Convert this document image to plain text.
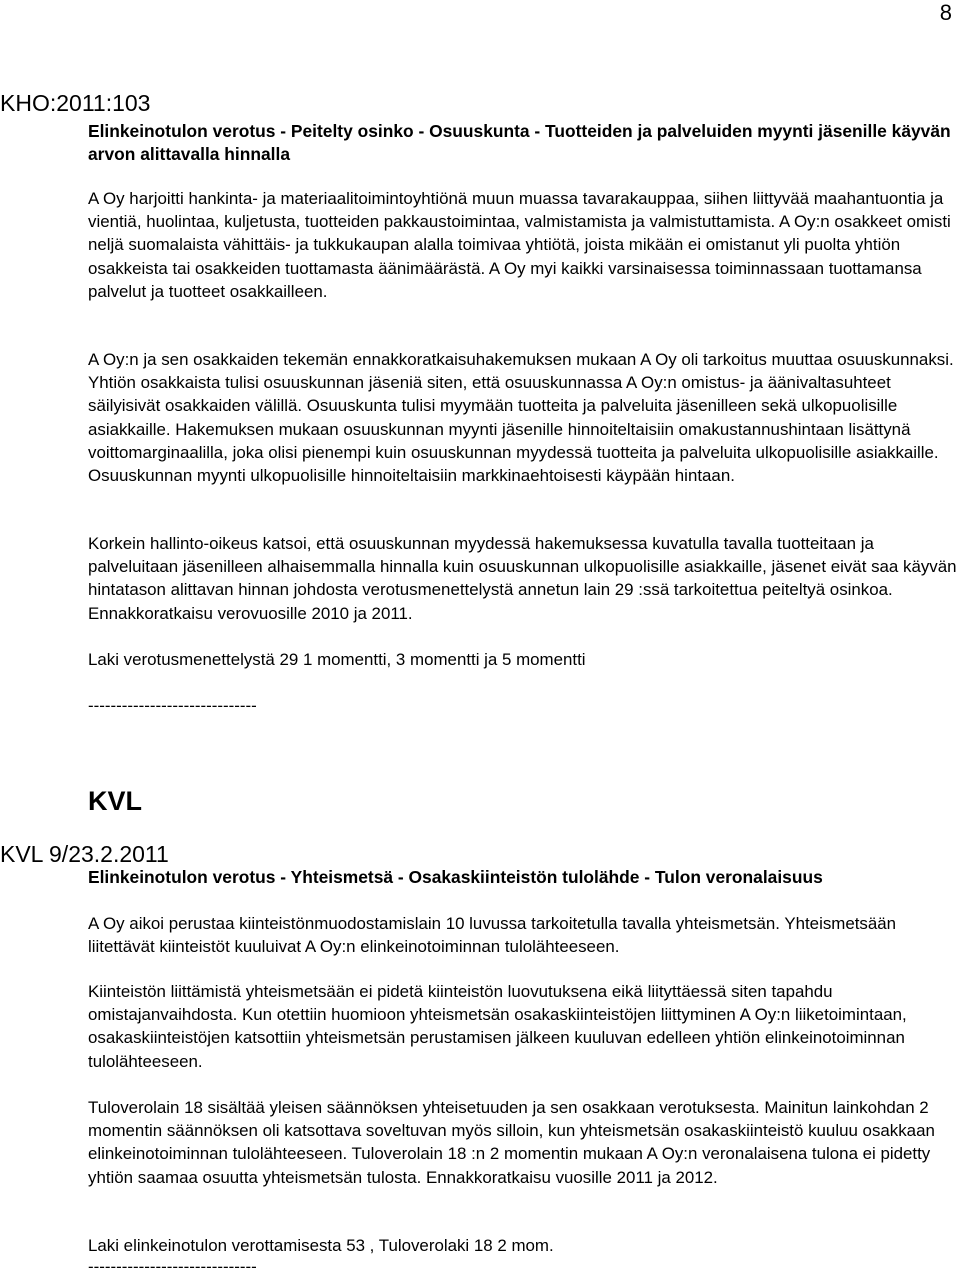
8
KHO:2011:103
Elinkeinotulon verotus - Peitelty osinko - Osuuskunta - Tuotteiden ja palveluiden myynti jäsenille käyvän arvon alittavalla hinnalla

A Oy harjoitti hankinta- ja materiaalitoimintoyhtiönä muun muassa tavarakauppaa, siihen liittyvää maahantuontia ja vientiä, huolintaa, kuljetusta, tuotteiden pakkaustoimintaa, valmistamista ja valmistuttamista. A Oy:n osakkeet omisti neljä suomalaista vähittäis- ja tukkukaupan alalla toimivaa yhtiötä, joista mikään ei omistanut yli puolta yhtiön osakkeista tai osakkeiden tuottamasta äänimäärästä. A Oy myi kaikki varsinaisessa toiminnassaan tuottamansa palvelut ja tuotteet osakkailleen.

A Oy:n ja sen osakkaiden tekemän ennakkoratkaisuhakemuksen mukaan A Oy oli tarkoitus muuttaa osuuskunnaksi. Yhtiön osakkaista tulisi osuuskunnan jäseniä siten, että osuuskunnassa A Oy:n omistus- ja äänivaltasuhteet säilyisivät osakkaiden välillä. Osuuskunta tulisi myymään tuotteita ja palveluita jäsenilleen sekä ulkopuolisille asiakkaille. Hakemuksen mukaan osuuskunnan myynti jäsenille hinnoiteltaisiin omakustannushintaan lisättynä voittomarginaalilla, joka olisi pienempi kuin osuuskunnan myydessä tuotteita ja palveluita ulkopuolisille asiakkaille. Osuuskunnan myynti ulkopuolisille hinnoiteltaisiin markkinaehtoisesti käypään hintaan.

Korkein hallinto-oikeus katsoi, että osuuskunnan myydessä hakemuksessa kuvatulla tavalla tuotteitaan ja palveluitaan jäsenilleen alhaisemmalla hinnalla kuin osuuskunnan ulkopuolisille asiakkaille, jäsenet eivät saa käyvän hintatason alittavan hinnan johdosta verotusmenettelystä annetun lain 29 :ssä tarkoitettua peiteltyä osinkoa. Ennakkoratkaisu verovuosille 2010 ja 2011.

Laki verotusmenettelystä 29 1 momentti, 3 momentti ja 5 momentti

------------------------------
KVL
KVL 9/23.2.2011
Elinkeinotulon verotus - Yhteismetsä - Osakaskiinteistön tulolähde - Tulon veronalaisuus

A Oy aikoi perustaa kiinteistönmuodostamislain 10 luvussa tarkoitetulla tavalla yhteismetsän. Yhteismetsään liitettävät kiinteistöt kuuluivat A Oy:n elinkeinotoiminnan tulolähteeseen.

Kiinteistön liittämistä yhteismetsään ei pidetä kiinteistön luovutuksena eikä liityttäessä siten tapahdu omistajanvaihdosta. Kun otettiin huomioon yhteismetsän osakaskiinteistöjen liittyminen A Oy:n liiketoimintaan, osakaskiinteistöjen katsottiin yhteismetsän perustamisen jälkeen kuuluvan edelleen yhtiön elinkeinotoiminnan tulolähteeseen.

Tuloverolain 18 sisältää yleisen säännöksen yhteisetuuden ja sen osakkaan verotuksesta. Mainitun lainkohdan 2 momentin säännöksen oli katsottava soveltuvan myös silloin, kun yhteismetsän osakaskiinteistö kuuluu osakkaan elinkeinotoiminnan tulolähteeseen. Tuloverolain 18 :n 2 momentin mukaan A Oy:n veronalaisena tulona ei pidetty yhtiön saamaa osuutta yhteismetsän tulosta. Ennakkoratkaisu vuosille 2011 ja 2012.

Laki elinkeinotulon verottamisesta 53 , Tuloverolaki 18 2 mom.

------------------------------
